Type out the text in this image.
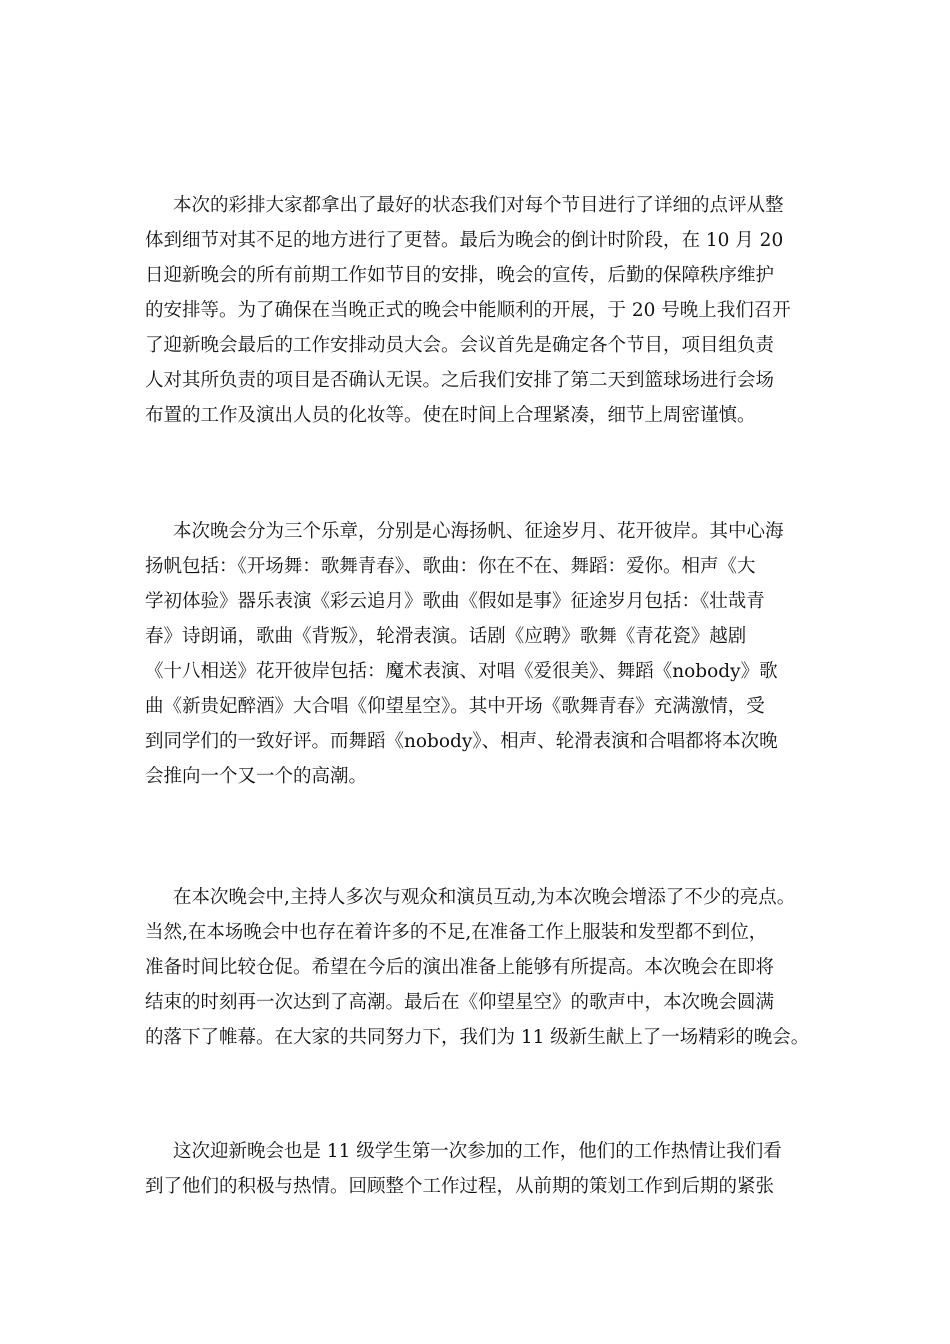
本次的彩排大家都拿出了最好的状态我们对每个节目进行了详细的点评从整
体到细节对其不足的地方进行了更替。最后为晚会的倒计时阶段，在 10 月 20
日迎新晚会的所有前期工作如节目的安排，晚会的宣传，后勤的保障秩序维护
的安排等。为了确保在当晚正式的晚会中能顺利的开展，于 20 号晚上我们召开
了迎新晚会最后的工作安排动员大会。会议首先是确定各个节目，项目组负责
人对其所负责的项目是否确认无误。之后我们安排了第二天到篮球场进行会场
布置的工作及演出人员的化妆等。使在时间上合理紧凑，细节上周密谨慎。
本次晚会分为三个乐章，分别是心海扬帆、征途岁月、花开彼岸。其中心海
扬帆包括：《开场舞：歌舞青春》、歌曲：你在不在、舞蹈：爱你。相声《大
学初体验》器乐表演《彩云追月》歌曲《假如是事》征途岁月包括：《壮哉青
春》诗朗诵，歌曲《背叛》，轮滑表演。话剧《应聘》歌舞《青花瓷》越剧
《十八相送》花开彼岸包括：魔术表演、对唱《爱很美》、舞蹈《nobody》歌
曲《新贵妃醉酒》大合唱《仰望星空》。其中开场《歌舞青春》充满激情，受
到同学们的一致好评。而舞蹈《nobody》、相声、轮滑表演和合唱都将本次晚
会推向一个又一个的高潮。
在本次晚会中,主持人多次与观众和演员互动,为本次晚会增添了不少的亮点。
当然,在本场晚会中也存在着许多的不足,在准备工作上服装和发型都不到位，
准备时间比较仓促。希望在今后的演出准备上能够有所提高。本次晚会在即将
结束的时刻再一次达到了高潮。最后在《仰望星空》的歌声中，本次晚会圆满
的落下了帷幕。在大家的共同努力下，我们为 11 级新生献上了一场精彩的晚会。
这次迎新晚会也是 11 级学生第一次参加的工作，他们的工作热情让我们看
到了他们的积极与热情。回顾整个工作过程，从前期的策划工作到后期的紧张
